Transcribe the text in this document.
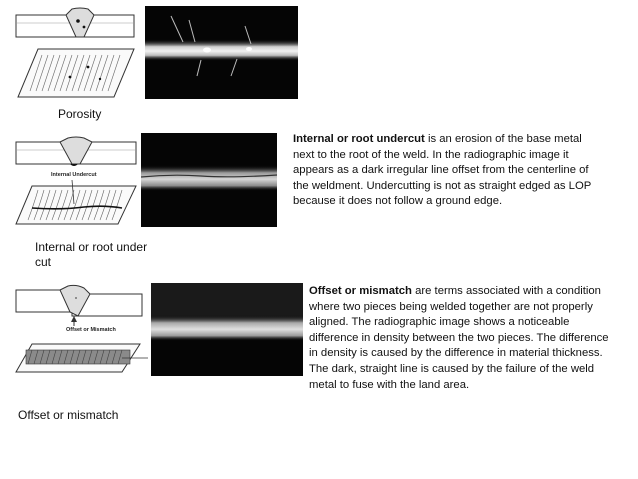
Porosity
Internal Undercut
Internal or root undercut is an erosion of the base metal next to the root of the weld. In the radiographic image it appears as a dark irregular line offset from the centerline of the weldment. Undercutting is not as straight edged as LOP because it does not follow a ground edge.
Internal or root under
cut
Offset or Mismatch
Offset or mismatch are terms associated with a condition where two pieces being welded together are not properly aligned. The radiographic image shows a noticeable difference in density between the two pieces. The difference in density is caused by the difference in material thickness. The dark, straight line is caused by the failure of the weld metal to fuse with the land area.
Offset or mismatch
